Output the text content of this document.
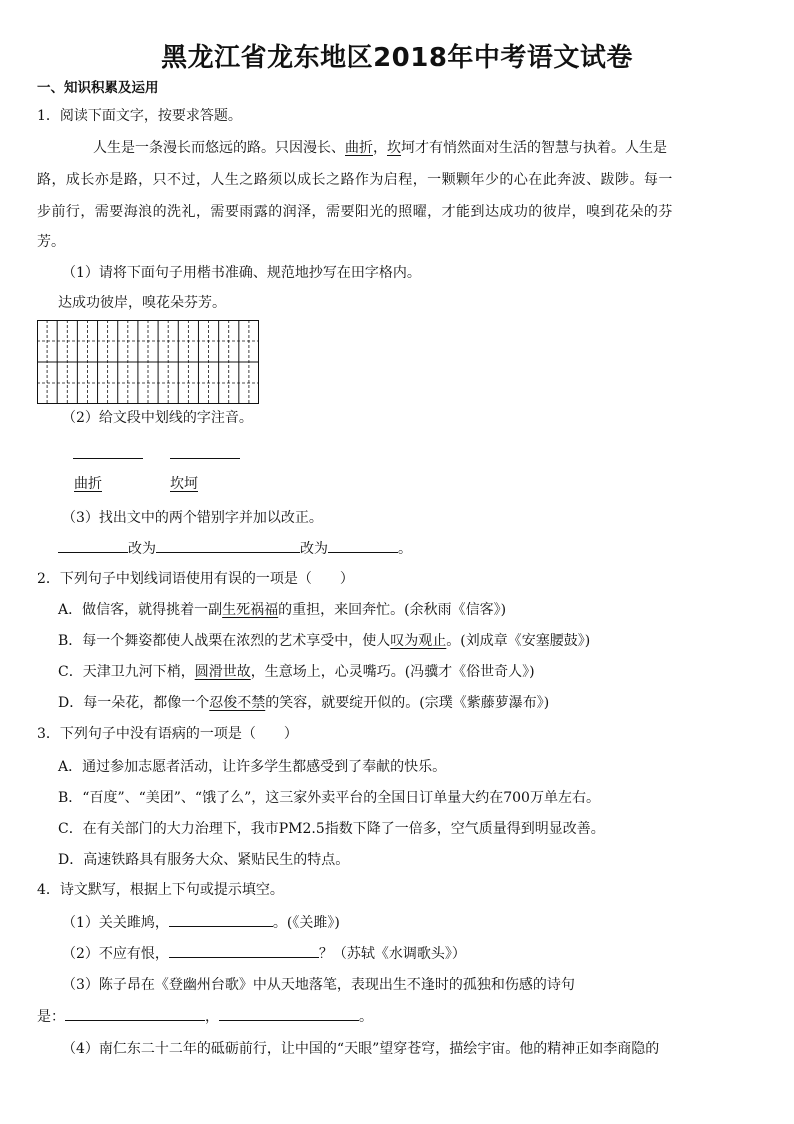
黑龙江省龙东地区2018年中考语文试卷
一、知识积累及运用
1．阅读下面文字，按要求答题。
人生是一条漫长而悠远的路。只因漫长、曲折，坎坷才有悄然面对生活的智慧与执着。人生是
路，成长亦是路，只不过，人生之路须以成长之路作为启程，一颗颗年少的心在此奔波、跋陟。每一
步前行，需要海浪的洗礼，需要雨露的润泽，需要阳光的照曜，才能到达成功的彼岸，嗅到花朵的芬
芳。
（1）请将下面句子用楷书准确、规范地抄写在田字格内。
达成功彼岸，嗅花朵芬芳。
（2）给文段中划线的字注音。
曲折	坎坷
（3）找出文中的两个错别字并加以改正。
改为	改为	。
2．下列句子中划线词语使用有误的一项是（　　）
A．做信客，就得挑着一副生死祸福的重担，来回奔忙。(余秋雨《信客》)
B．每一个舞姿都使人战栗在浓烈的艺术享受中，使人叹为观止。(刘成章《安塞腰鼓》)
C．天津卫九河下梢，圆滑世故，生意场上，心灵嘴巧。(冯骥才《俗世奇人》)
D．每一朵花，都像一个忍俊不禁的笑容，就要绽开似的。(宗璞《紫藤萝瀑布》)
3．下列句子中没有语病的一项是（　　）
A．通过参加志愿者活动，让许多学生都感受到了奉献的快乐。
B．“百度”、“美团”、“饿了么”，这三家外卖平台的全国日订单量大约在700万单左右。
C．在有关部门的大力治理下，我市PM2.5指数下降了一倍多，空气质量得到明显改善。
D．高速铁路具有服务大众、紧贴民生的特点。
4．诗文默写，根据上下句或提示填空。
（1）关关雎鸠，	。(《关雎》)
（2）不应有恨，	？（苏轼《水调歌头》）
（3）陈子昂在《登幽州台歌》中从天地落笔，表现出生不逢时的孤独和伤感的诗句
是：	，	。
（4）南仁东二十二年的砥砺前行，让中国的“天眼”望穿苍穹，描绘宇宙。他的精神正如李商隐的
